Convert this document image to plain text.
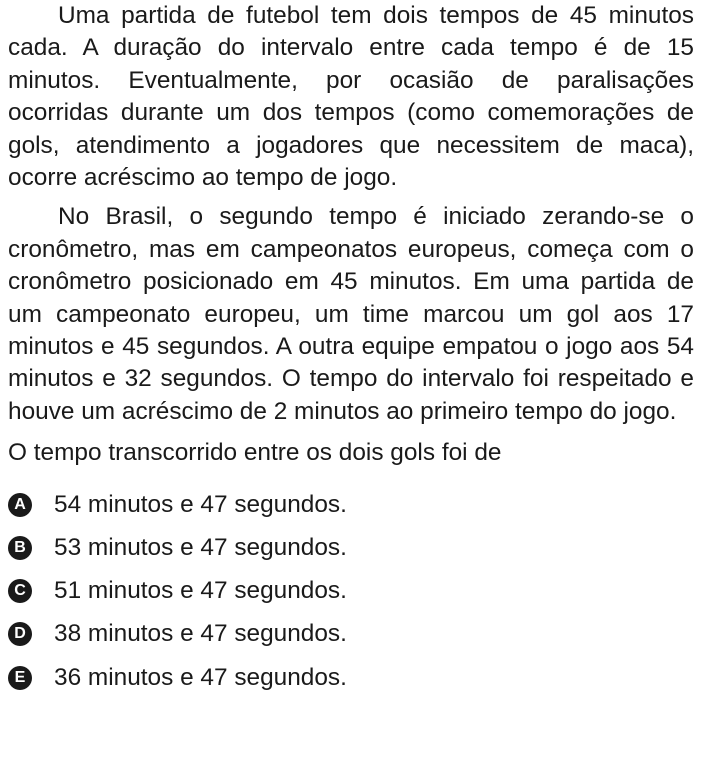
Uma partida de futebol tem dois tempos de 45 minutos cada. A duração do intervalo entre cada tempo é de 15 minutos. Eventualmente, por ocasião de paralisações ocorridas durante um dos tempos (como comemorações de gols, atendimento a jogadores que necessitem de maca), ocorre acréscimo ao tempo de jogo.

No Brasil, o segundo tempo é iniciado zerando-se o cronômetro, mas em campeonatos europeus, começa com o cronômetro posicionado em 45 minutos. Em uma partida de um campeonato europeu, um time marcou um gol aos 17 minutos e 45 segundos. A outra equipe empatou o jogo aos 54 minutos e 32 segundos. O tempo do intervalo foi respeitado e houve um acréscimo de 2 minutos ao primeiro tempo do jogo.

O tempo transcorrido entre os dois gols foi de

A 54 minutos e 47 segundos.
B 53 minutos e 47 segundos.
C 51 minutos e 47 segundos.
D 38 minutos e 47 segundos.
E 36 minutos e 47 segundos.
